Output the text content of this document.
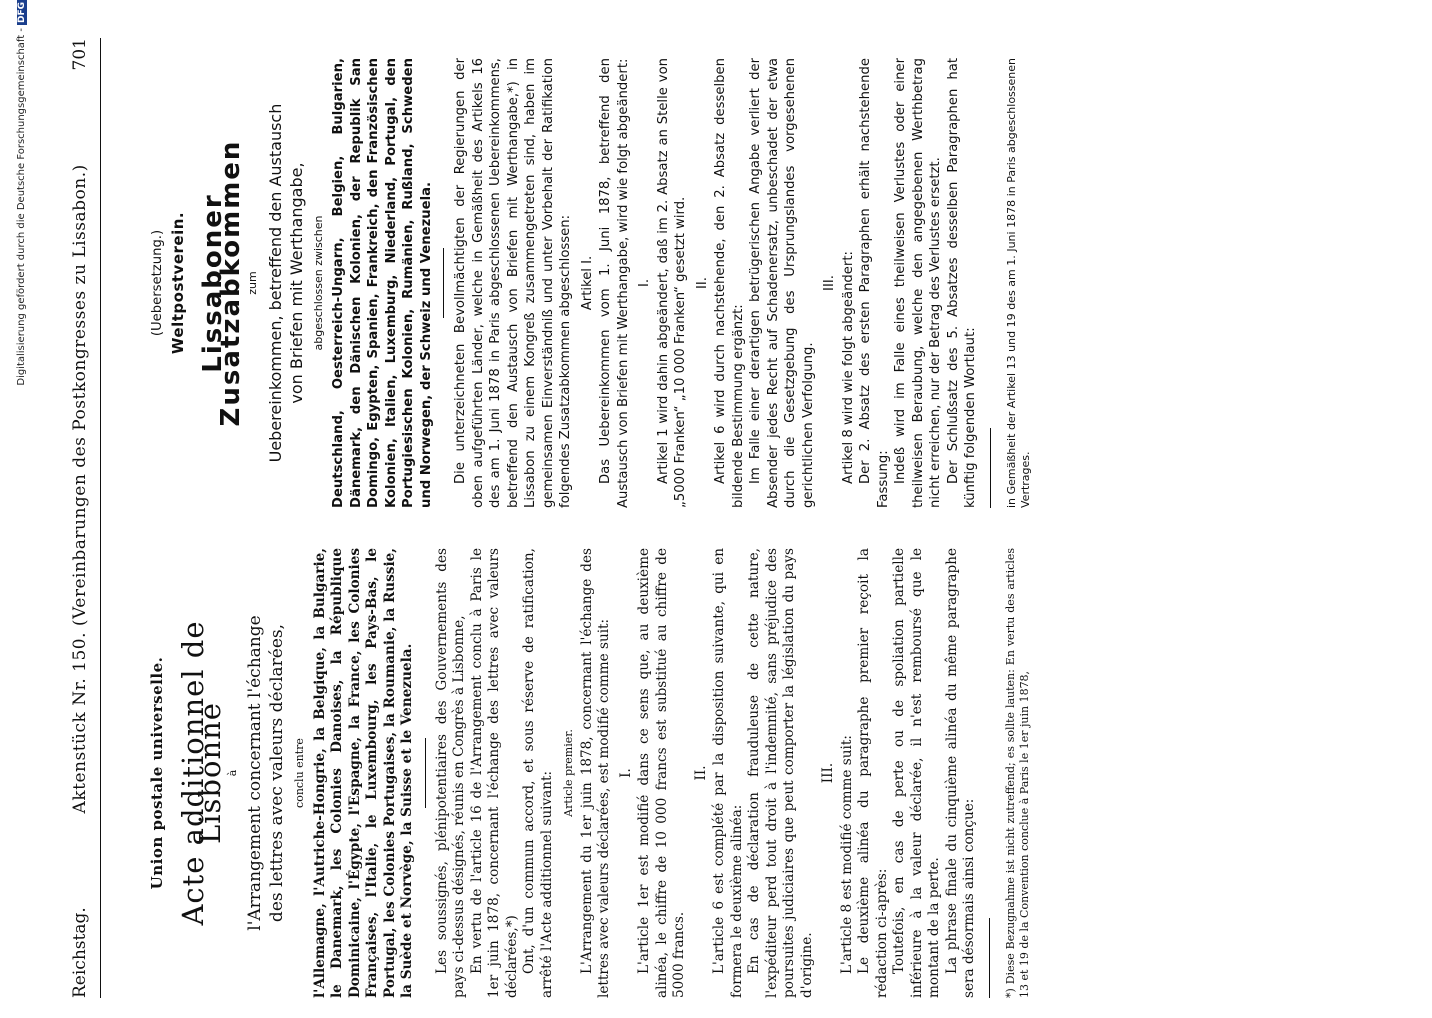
Reichstag.
Aktenstück Nr. 150. (Vereinbarungen des Postkongresses zu Lissabon.)
701
Union postale universelle. Acte additionnel de Lisbonne
à l'Arrangement concernant l'échange des lettres avec valeurs déclarées, conclu entre l'Allemagne, l'Autriche-Hongrie, la Belgique, la Bulgarie, le Danemark, les Colonies Danoises, la République Dominicaine, l'Égypte, l'Espagne, la France, les Colonies Françaises, l'Italie, le Luxembourg, les Pays-Bas, le Portugal, les Colonies Portugaises, la Roumanie, la Russie, la Suède et Norvège, la Suisse et le Venezuela. Les soussignés, plénipotentiaires des Gouvernements des pays ci-dessus désignés, réunis en Congrès à Lisbonne, En vertu de l'article 16 de l'Arrangement conclu à Paris le 1er juin 1878, concernant l'échange des lettres avec valeurs déclarées,*) Ont, d'un commun accord, et sous réserve de ratification, arrêté l'Acte additionnel suivant: Article premier. L'Arrangement du 1er juin 1878, concernant l'échange des lettres avec valeurs déclarées, est modifié comme suit: I. L'article 1er est modifié dans ce sens que, au deuxième alinéa, le chiffre de 10 000 francs est substitué au chiffre de 5000 francs.

II. L'article 6 est complété par la disposition suivante, qui en formera le deuxième alinéa: En cas de déclaration frauduleuse de cette nature, l'expéditeur perd tout droit à l'indemnité, sans préjudice des poursuites judiciaires que peut comporter la législation du pays d'origine.

III. L'article 8 est modifié comme suit: Le deuxième alinéa du paragraphe premier reçoit la rédaction ci-après: Toutefois, en cas de perte ou de spoliation partielle inférieure à la valeur déclarée, il n'est remboursé que le montant de la perte. La phrase finale du cinquième alinéa du même paragraphe sera désormais ainsi conçue: *) Diese Bezugnahme ist nicht zutreffend; es sollte lauten: En vertu des articles 13 et 19 de la Convention conclue à Paris le 1er juin 1878,
(Uebersetzung.) Weltpostverein. Lissaboner Zusatzabkommen zum Uebereinkommen, betreffend den Austausch von Briefen mit Werthangabe, abgeschlossen zwischen Deutschland, Oesterreich-Ungarn, Belgien, Bulgarien, Dänemark, den Dänischen Kolonien, der Republik San Domingo, Egypten, Spanien, Frankreich, den Französischen Kolonien, Italien, Luxemburg, Niederland, Portugal, den Portugiesischen Kolonien, Rumänien, Rußland, Schweden und Norwegen, der Schweiz und Venezuela. Die unterzeichneten Bevollmächtigten der Regierungen der oben aufgeführten Länder, welche in Gemäßheit des Artikels 16 des am 1. Juni 1878 in Paris abgeschlossenen Uebereinkommens, betreffend den Austausch von Briefen mit Werthangabe,*) in Lissabon zu einem Kongreß zusammengetreten sind, haben im gemeinsamen Einverständniß und unter Vorbehalt der Ratifikation folgendes Zusatzabkommen abgeschlossen: Artikel I. Das Uebereinkommen vom 1. Juni 1878, betreffend den Austausch von Briefen mit Werthangabe, wird wie folgt abgeändert: I. Artikel 1 wird dahin abgeändert, daß im 2. Absatz an Stelle von „5000 Franken“ „10 000 Franken“ gesetzt wird. II. Artikel 6 wird durch nachstehende, den 2. Absatz desselben bildende Bestimmung ergänzt: Im Falle einer derartigen betrügerischen Angabe verliert der Absender jedes Recht auf Schadenersatz, unbeschadet der etwa durch die Gesetzgebung des Ursprungslandes vorgesehenen gerichtlichen Verfolgung.

III. Artikel 8 wird wie folgt abgeändert: Der 2. Absatz des ersten Paragraphen erhält nachstehende Fassung: Indeß wird im Falle eines theilweisen Verlustes oder einer theilweisen Beraubung, welche den angegebenen Werthbetrag nicht erreichen, nur der Betrag des Verlustes ersetzt. Der Schlußsatz des 5. Absatzes desselben Paragraphen hat künftig folgenden Wortlaut: in Gemäßheit der Artikel 13 und 19 des am 1. Juni 1878 in Paris abgeschlossenen Vertrages.
Digitalisierung gefördert durch die Deutsche Forschungsgemeinschaft -DFG
